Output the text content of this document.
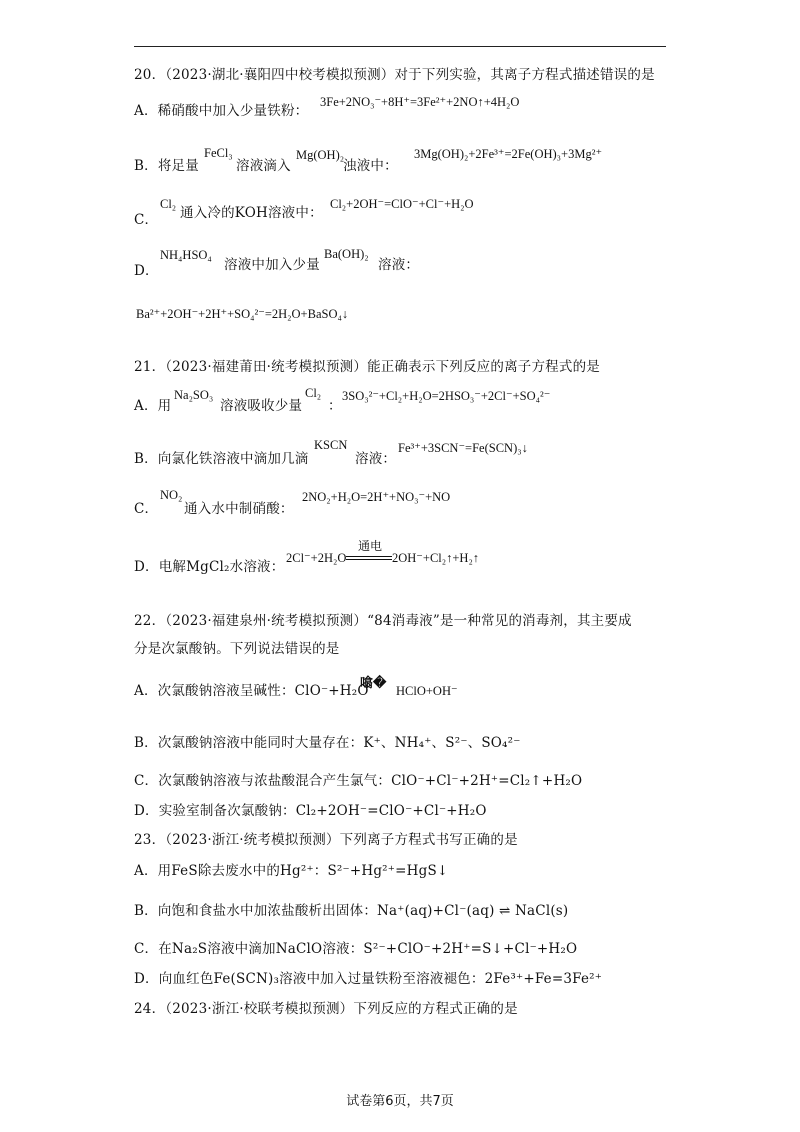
20．（2023·湖北·襄阳四中校考模拟预测）对于下列实验，其离子方程式描述错误的是
A．稀硝酸中加入少量铁粉：
3Fe+2NO₃⁻+8H⁺=3Fe²⁺+2NO↑+4H₂O
B．将足量
FeCl₃
溶液滴入
Mg(OH)₂
浊液中：
3Mg(OH)₂+2Fe³⁺=2Fe(OH)₃+3Mg²⁺
C．
Cl₂
通入冷的KOH溶液中：
Cl₂+2OH⁻=ClO⁻+Cl⁻+H₂O
D．
NH₄HSO₄
溶液中加入少量
Ba(OH)₂
溶液：
Ba²⁺+2OH⁻+2H⁺+SO₄²⁻=2H₂O+BaSO₄↓
21．（2023·福建莆田·统考模拟预测）能正确表示下列反应的离子方程式的是
A．用
Na₂SO₃
溶液吸收少量
Cl₂
：
3SO₃²⁻+Cl₂+H₂O=2HSO₃⁻+2Cl⁻+SO₄²⁻
B．向氯化铁溶液中滴加几滴
KSCN
溶液：
Fe³⁺+3SCN⁻=Fe(SCN)₃↓
C．
NO₂
通入水中制硝酸：
2NO₂+H₂O=2H⁺+NO₃⁻+NO
D．电解MgCl₂水溶液：
2Cl⁻+2H₂O
通电
2OH⁻+Cl₂↑+H₂↑
22．（2023·福建泉州·统考模拟预测）“84消毒液”是一种常见的消毒剂，其主要成
分是次氯酸钠。下列说法错误的是
A．次氯酸钠溶液呈碱性：ClO⁻+H₂O
噏�
HClO+OH⁻
B．次氯酸钠溶液中能同时大量存在：K⁺、NH₄⁺、S²⁻、SO₄²⁻
C．次氯酸钠溶液与浓盐酸混合产生氯气：ClO⁻+Cl⁻+2H⁺=Cl₂↑+H₂O
D．实验室制备次氯酸钠：Cl₂+2OH⁻=ClO⁻+Cl⁻+H₂O
23．（2023·浙江·统考模拟预测）下列离子方程式书写正确的是
A．用FeS除去废水中的Hg²⁺：S²⁻+Hg²⁺=HgS↓
B．向饱和食盐水中加浓盐酸析出固体：Na⁺(aq)+Cl⁻(aq) ⇌ NaCl(s)
C．在Na₂S溶液中滴加NaClO溶液：S²⁻+ClO⁻+2H⁺=S↓+Cl⁻+H₂O
D．向血红色Fe(SCN)₃溶液中加入过量铁粉至溶液褪色：2Fe³⁺+Fe=3Fe²⁺
24．（2023·浙江·校联考模拟预测）下列反应的方程式正确的是
试卷第6页，共7页
